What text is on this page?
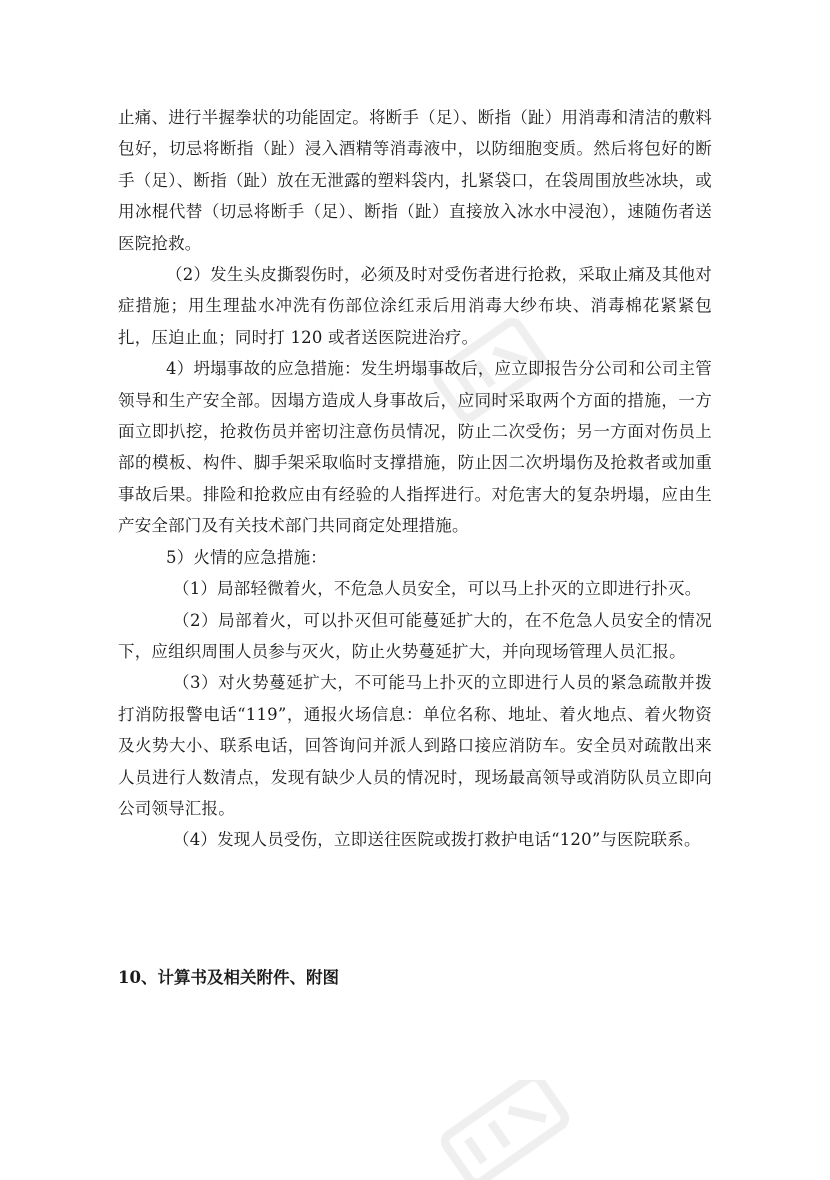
止痛、进行半握拳状的功能固定。将断手（足）、断指（趾）用消毒和清洁的敷料包好，切忌将断指（趾）浸入酒精等消毒液中，以防细胞变质。然后将包好的断手（足）、断指（趾）放在无泄露的塑料袋内，扎紧袋口，在袋周围放些冰块，或用冰棍代替（切忌将断手（足）、断指（趾）直接放入冰水中浸泡），速随伤者送医院抢救。

（2）发生头皮撕裂伤时，必须及时对受伤者进行抢救，采取止痛及其他对症措施；用生理盐水冲洗有伤部位涂红汞后用消毒大纱布块、消毒棉花紧紧包扎，压迫止血；同时打 120 或者送医院进治疗。

4）坍塌事故的应急措施：发生坍塌事故后，应立即报告分公司和公司主管领导和生产安全部。因塌方造成人身事故后，应同时采取两个方面的措施，一方面立即扒挖，抢救伤员并密切注意伤员情况，防止二次受伤；另一方面对伤员上部的模板、构件、脚手架采取临时支撑措施，防止因二次坍塌伤及抢救者或加重事故后果。排险和抢救应由有经验的人指挥进行。对危害大的复杂坍塌，应由生产安全部门及有关技术部门共同商定处理措施。

5）火情的应急措施：

（1）局部轻微着火，不危急人员安全，可以马上扑灭的立即进行扑灭。

（2）局部着火，可以扑灭但可能蔓延扩大的，在不危急人员安全的情况下，应组织周围人员参与灭火，防止火势蔓延扩大，并向现场管理人员汇报。

（3）对火势蔓延扩大，不可能马上扑灭的立即进行人员的紧急疏散并拨打消防报警电话“119”，通报火场信息：单位名称、地址、着火地点、着火物资及火势大小、联系电话，回答询问并派人到路口接应消防车。安全员对疏散出来人员进行人数清点，发现有缺少人员的情况时，现场最高领导或消防队员立即向公司领导汇报。

（4）发现人员受伤，立即送往医院或拨打救护电话“120”与医院联系。

10、计算书及相关附件、附图
